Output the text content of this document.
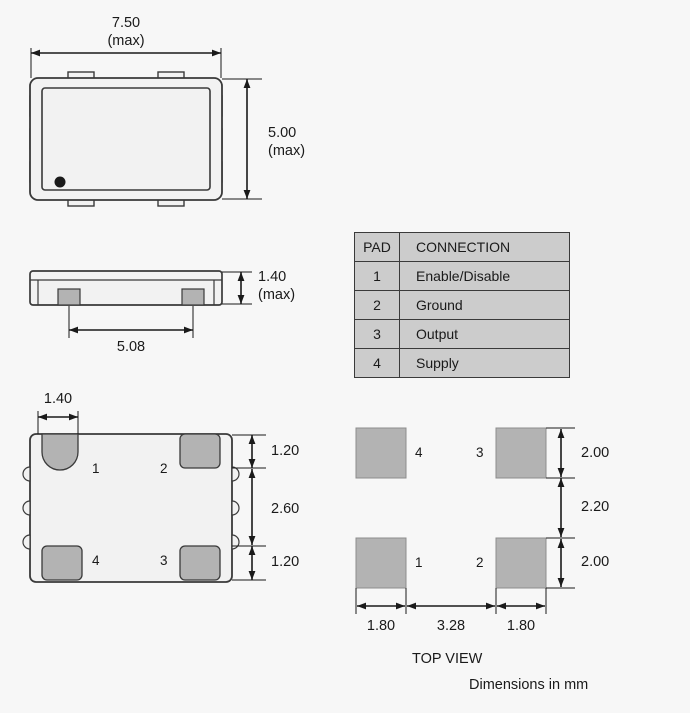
7.50
(max)
5.00
(max)
1.40
(max)
5.08
1.40
1.20
2.60
1.20
1	2
4	3
4	3
1	2
2.00
2.20
2.00
1.80	3.28	1.80
TOP VIEW
Dimensions in mm
PAD	CONNECTION
1	Enable/Disable
2	Ground
3	Output
4	Supply
